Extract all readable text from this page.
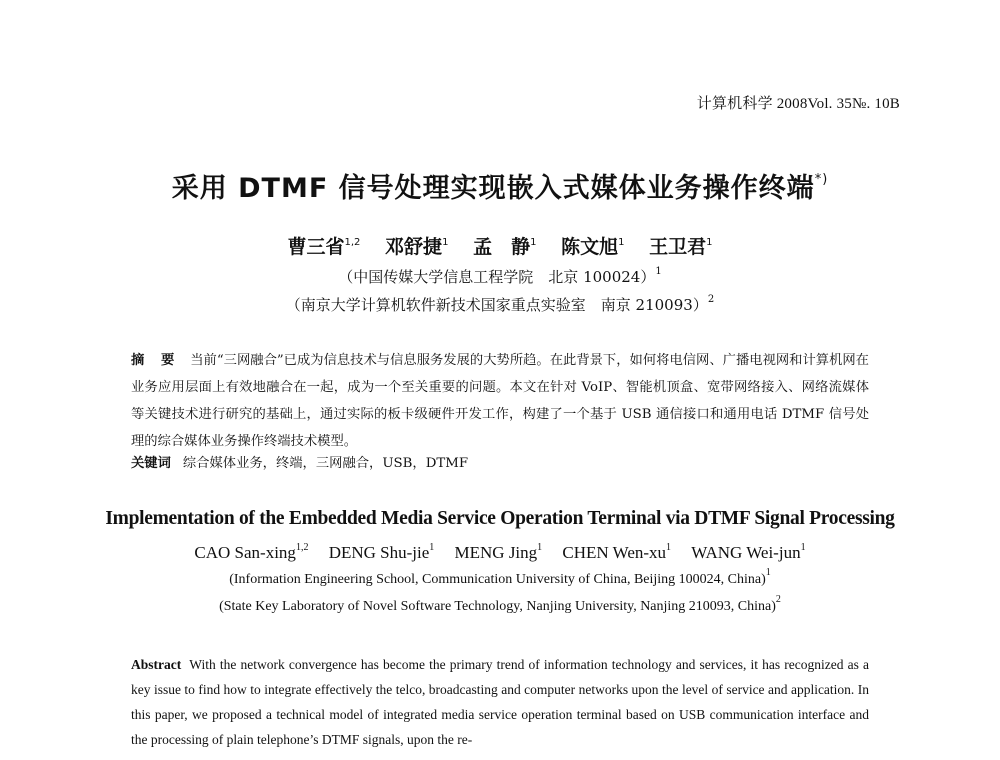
计算机科学 2008Vol. 35№. 10B
采用 DTMF 信号处理实现嵌入式媒体业务操作终端*)
曹三省$^{1,2}$ 邓舒捷$^1$ 孟　静$^1$ 陈文旭$^1$ 王卫君$^1$
（中国传媒大学信息工程学院　北京 100024）$^1$
（南京大学计算机软件新技术国家重点实验室　南京 210093）$^2$
摘 要 当前“三网融合”已成为信息技术与信息服务发展的大势所趋。在此背景下，如何将电信网、广播电视网和计算机网在业务应用层面上有效地融合在一起，成为一个至关重要的问题。本文在针对 VoIP、智能机顶盒、宽带网络接入、网络流媒体等关键技术进行研究的基础上，通过实际的板卡级硬件开发工作，构建了一个基于 USB 通信接口和通用电话 DTMF 信号处理的综合媒体业务操作终端技术模型。
关键词 综合媒体业务，终端，三网融合，USB，DTMF
Implementation of the Embedded Media Service Operation Terminal via DTMF Signal Processing
CAO San-xing$^{1,2}$ DENG Shu-jie$^1$ MENG Jing$^1$ CHEN Wen-$xu^1$ WANG Wei-jun$^1$
(Information Engineering School, Communication University of China, Beijing 100024, China)$^1$
(State Key Laboratory of Novel Software Technology, Nanjing University, Nanjing 210093, China)$^2$
Abstract With the network convergence has become the primary trend of information technology and services, it has recognized as a key issue to find how to integrate effectively the telco, broadcasting and computer networks upon the level of service and application. In this paper, we proposed a technical model of integrated media service operation terminal based on USB communication interface and the processing of plain telephone’s DTMF signals, upon the re-
